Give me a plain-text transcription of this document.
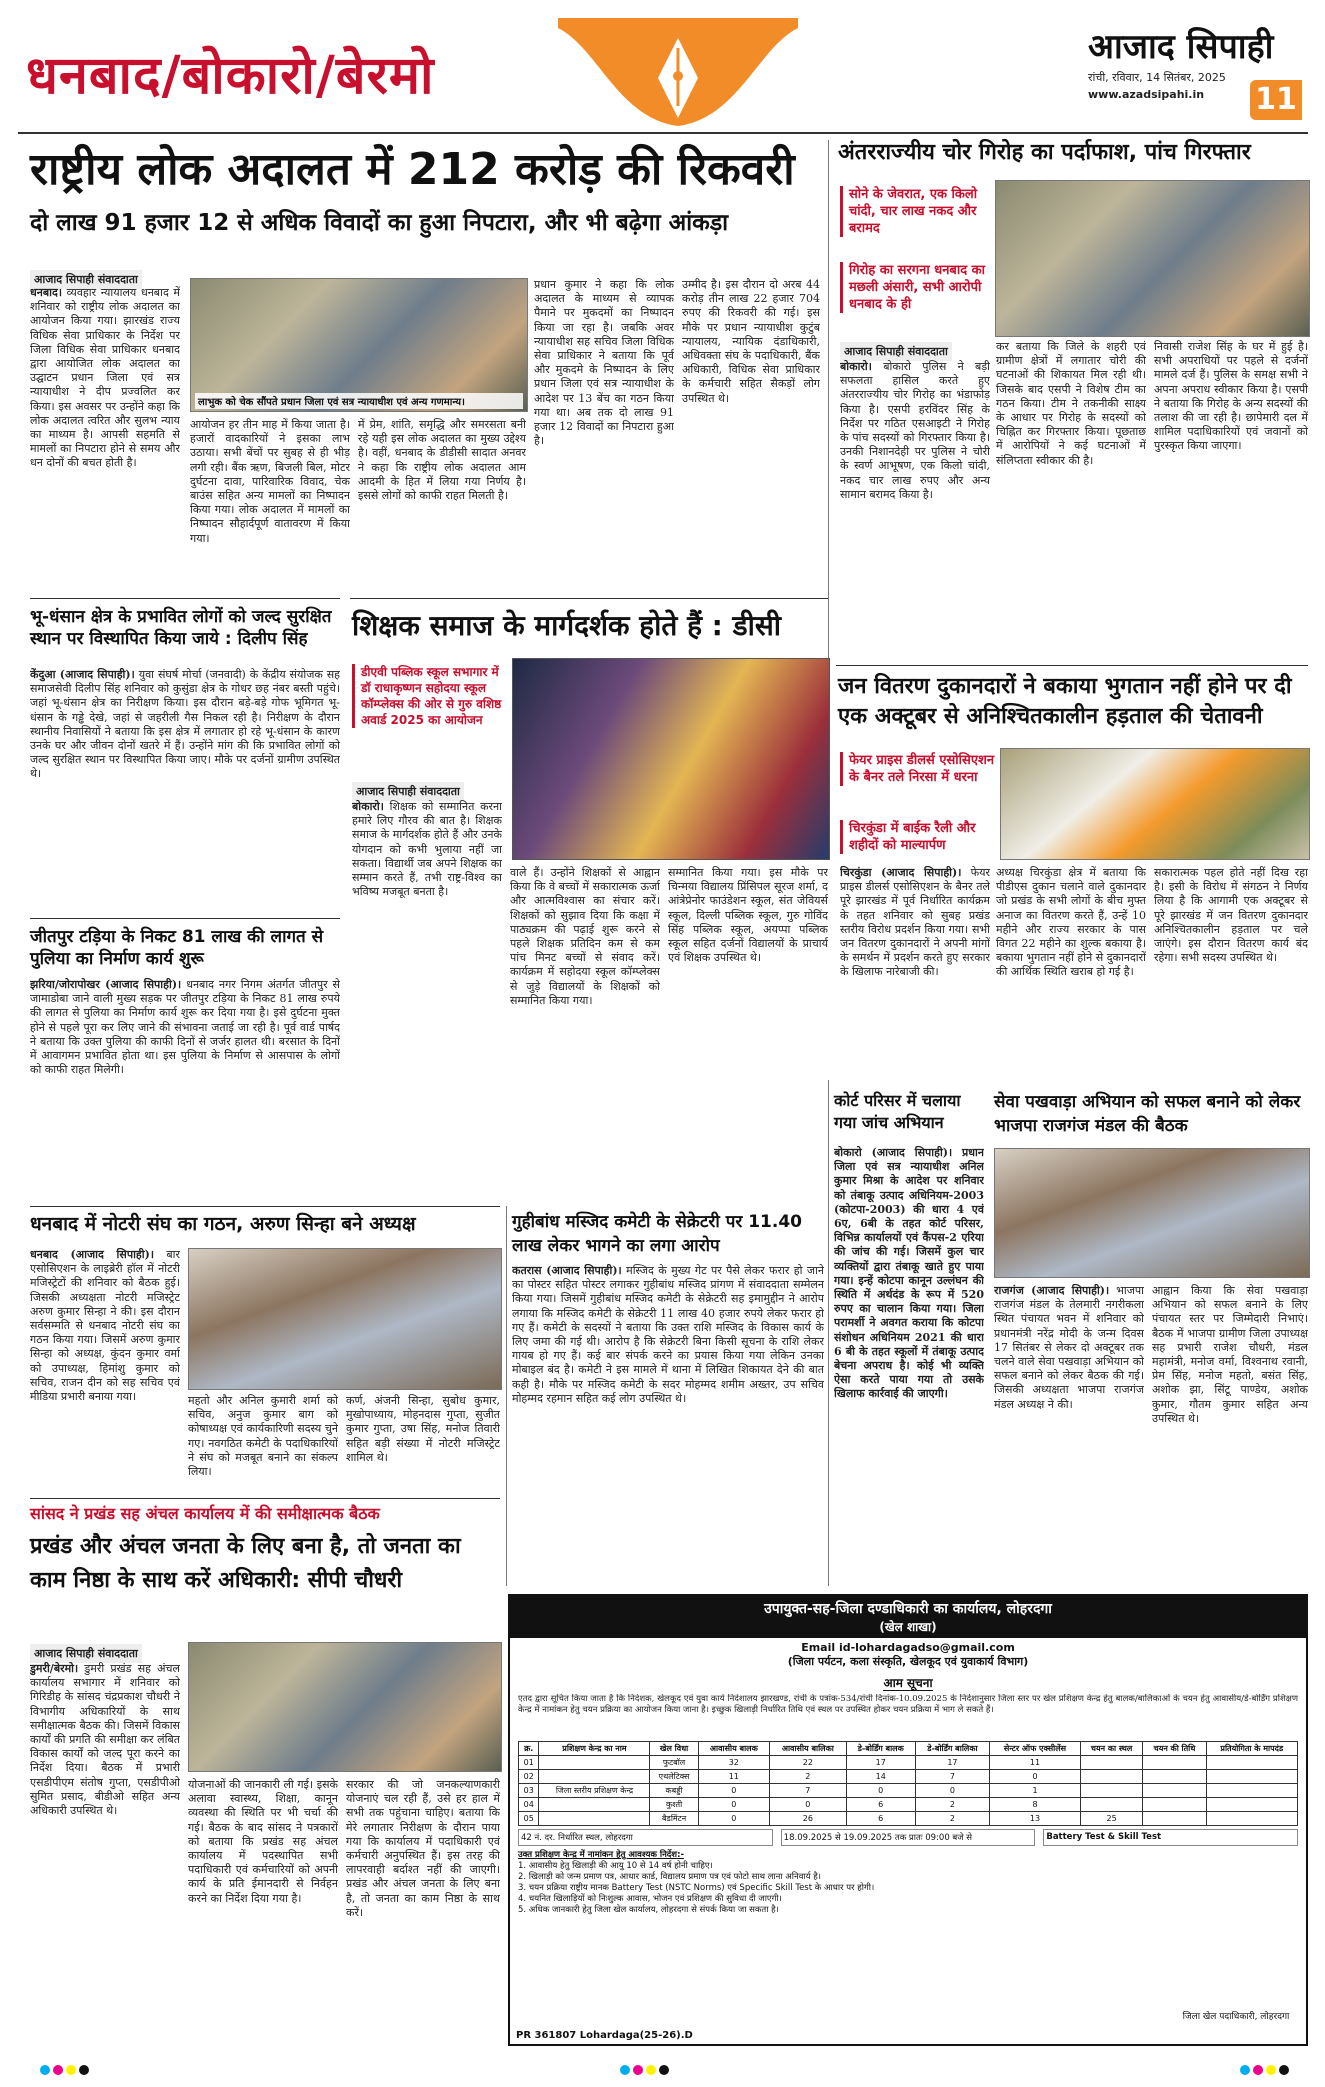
धनबाद/बोकारो/बेरमो	आजाद सिपाही
रांची, रविवार, 14 सितंबर, 2025
www.azadsipahi.in 11
राष्ट्रीय लोक अदालत में 212 करोड़ की रिकवरी
दो लाख 91 हजार 12 से अधिक विवादों का हुआ निपटारा, और भी बढ़ेगा आंकड़ा
आजाद सिपाही संवाददाता
धनबाद। व्यवहार न्यायालय धनबाद में शनिवार को राष्ट्रीय लोक अदालत का आयोजन किया गया। झारखंड राज्य विधिक सेवा प्राधिकार के निर्देश पर जिला विधिक सेवा प्राधिकार धनबाद द्वारा आयोजित लोक अदालत का उद्घाटन प्रधान जिला एवं सत्र न्यायाधीश ने दीप प्रज्वलित कर किया। इस अवसर पर उन्होंने कहा कि लोक अदालत त्वरित और सुलभ न्याय का माध्यम है। आपसी सहमति से मामलों का निपटारा होने से समय और धन दोनों की बचत होती है।
लाभुक को चेक सौंपते प्रधान जिला एवं सत्र न्यायाधीश एवं अन्य गणमान्य।
आयोजन हर तीन माह में किया जाता है। हजारों वादकारियों ने इसका लाभ उठाया। सभी बेंचों पर सुबह से ही भीड़ लगी रही। बैंक ऋण, बिजली बिल, मोटर दुर्घटना दावा, पारिवारिक विवाद, चेक बाउंस सहित अन्य मामलों का निष्पादन किया गया। लोक अदालत में मामलों का निष्पादन सौहार्दपूर्ण वातावरण में किया गया।
में प्रेम, शांति, समृद्धि और समरसता बनी रहे यही इस लोक अदालत का मुख्य उद्देश्य है। वहीं, धनबाद के डीडीसी सादात अनवर ने कहा कि राष्ट्रीय लोक अदालत आम आदमी के हित में लिया गया निर्णय है। इससे लोगों को काफी राहत मिलती है।
प्रधान कुमार ने कहा कि लोक अदालत के माध्यम से व्यापक पैमाने पर मुकदमों का निष्पादन किया जा रहा है। जबकि अवर न्यायाधीश सह सचिव जिला विधिक सेवा प्राधिकार ने बताया कि पूर्व और मुकदमे के निष्पादन के लिए प्रधान जिला एवं सत्र न्यायाधीश के आदेश पर 13 बेंच का गठन किया गया था। अब तक दो लाख 91 हजार 12 विवादों का निपटारा हुआ है।
उम्मीद है। इस दौरान दो अरब 44 करोड़ तीन लाख 22 हजार 704 रुपए की रिकवरी की गई। इस मौके पर प्रधान न्यायाधीश कुटुंब न्यायालय, न्यायिक दंडाधिकारी, अधिवक्ता संघ के पदाधिकारी, बैंक अधिकारी, विधिक सेवा प्राधिकार के कर्मचारी सहित सैकड़ों लोग उपस्थित थे।
अंतरराज्यीय चोर गिरोह का पर्दाफाश, पांच गिरफ्तार
सोने के जेवरात, एक किलो चांदी, चार लाख नकद और बरामद
गिरोह का सरगना धनबाद का मछली अंसारी, सभी आरोपी धनबाद के ही
आजाद सिपाही संवाददाता
बोकारो। बोकारो पुलिस ने बड़ी सफलता हासिल करते हुए अंतरराज्यीय चोर गिरोह का भंडाफोड़ किया है। एसपी हरविंदर सिंह के निर्देश पर गठित एसआइटी ने गिरोह के पांच सदस्यों को गिरफ्तार किया है। उनकी निशानदेही पर पुलिस ने चोरी के स्वर्ण आभूषण, एक किलो चांदी, नकद चार लाख रुपए और अन्य सामान बरामद किया है।
कर बताया कि जिले के शहरी एवं ग्रामीण क्षेत्रों में लगातार चोरी की घटनाओं की शिकायत मिल रही थी। जिसके बाद एसपी ने विशेष टीम का गठन किया। टीम ने तकनीकी साक्ष्य के आधार पर गिरोह के सदस्यों को चिह्नित कर गिरफ्तार किया। पूछताछ में आरोपियों ने कई घटनाओं में संलिप्तता स्वीकार की है।
निवासी राजेश सिंह के घर में हुई है। सभी अपराधियों पर पहले से दर्जनों मामले दर्ज हैं। पुलिस के समक्ष सभी ने अपना अपराध स्वीकार किया है। एसपी ने बताया कि गिरोह के अन्य सदस्यों की तलाश की जा रही है। छापेमारी दल में शामिल पदाधिकारियों एवं जवानों को पुरस्कृत किया जाएगा।
भू-धंसान क्षेत्र के प्रभावित लोगों को जल्द सुरक्षित स्थान पर विस्थापित किया जाये : दिलीप सिंह
केंदुआ (आजाद सिपाही)। युवा संघर्ष मोर्चा (जनवादी) के केंद्रीय संयोजक सह समाजसेवी दिलीप सिंह शनिवार को कुसुंडा क्षेत्र के गोधर छह नंबर बस्ती पहुंचे। जहां भू-धंसान क्षेत्र का निरीक्षण किया। इस दौरान बड़े-बड़े गोफ भूमिगत भू-धंसान के गड्ढे देखे, जहां से जहरीली गैस निकल रही है। निरीक्षण के दौरान स्थानीय निवासियों ने बताया कि इस क्षेत्र में लगातार हो रहे भू-धंसान के कारण उनके घर और जीवन दोनों खतरे में हैं। उन्होंने मांग की कि प्रभावित लोगों को जल्द सुरक्षित स्थान पर विस्थापित किया जाए। मौके पर दर्जनों ग्रामीण उपस्थित थे।
जीतपुर टड़िया के निकट 81 लाख की लागत से पुलिया का निर्माण कार्य शुरू
झरिया/जोरापोखर (आजाद सिपाही)। धनबाद नगर निगम अंतर्गत जीतपुर से जामाडोबा जाने वाली मुख्य सड़क पर जीतपुर टड़िया के निकट 81 लाख रुपये की लागत से पुलिया का निर्माण कार्य शुरू कर दिया गया है। इसे दुर्घटना मुक्त होने से पहले पूरा कर लिए जाने की संभावना जताई जा रही है। पूर्व वार्ड पार्षद ने बताया कि उक्त पुलिया की काफी दिनों से जर्जर हालत थी। बरसात के दिनों में आवागमन प्रभावित होता था। इस पुलिया के निर्माण से आसपास के लोगों को काफी राहत मिलेगी।
शिक्षक समाज के मार्गदर्शक होते हैं : डीसी
डीएवी पब्लिक स्कूल सभागार में डॉ राधाकृष्णन सहोदया स्कूल कॉम्प्लेक्स की ओर से गुरु वशिष्ठ अवार्ड 2025 का आयोजन
आजाद सिपाही संवाददाता
बोकारो। शिक्षक को सम्मानित करना हमारे लिए गौरव की बात है। शिक्षक समाज के मार्गदर्शक होते हैं और उनके योगदान को कभी भुलाया नहीं जा सकता। विद्यार्थी जब अपने शिक्षक का सम्मान करते हैं, तभी राष्ट्र-विश्व का भविष्य मजबूत बनता है।
वाले हैं। उन्होंने शिक्षकों से आह्वान किया कि वे बच्चों में सकारात्मक ऊर्जा और आत्मविश्वास का संचार करें। शिक्षकों को सुझाव दिया कि कक्षा में पाठ्यक्रम की पढ़ाई शुरू करने से पहले शिक्षक प्रतिदिन कम से कम पांच मिनट बच्चों से संवाद करें। कार्यक्रम में सहोदया स्कूल कॉम्प्लेक्स से जुड़े विद्यालयों के शिक्षकों को सम्मानित किया गया।
सम्मानित किया गया। इस मौके पर चिन्मया विद्यालय प्रिंसिपल सूरज शर्मा, द आंत्रेप्रेनोर फाउंडेशन स्कूल, संत जेवियर्स स्कूल, दिल्ली पब्लिक स्कूल, गुरु गोविंद सिंह पब्लिक स्कूल, अयप्पा पब्लिक स्कूल सहित दर्जनों विद्यालयों के प्राचार्य एवं शिक्षक उपस्थित थे।
जन वितरण दुकानदारों ने बकाया भुगतान नहीं होने पर दी एक अक्टूबर से अनिश्चितकालीन हड़ताल की चेतावनी
फेयर प्राइस डीलर्स एसोसिएशन के बैनर तले निरसा में धरना
चिरकुंडा में बाईक रैली और शहीदों को माल्यार्पण
चिरकुंडा (आजाद सिपाही)। फेयर प्राइस डीलर्स एसोसिएशन के बैनर तले पूरे झारखंड में पूर्व निर्धारित कार्यक्रम के तहत शनिवार को सुबह प्रखंड स्तरीय विरोध प्रदर्शन किया गया। सभी जन वितरण दुकानदारों ने अपनी मांगों के समर्थन में प्रदर्शन करते हुए सरकार के खिलाफ नारेबाजी की।
अध्यक्ष चिरकुंडा क्षेत्र में बताया कि पीडीएस दुकान चलाने वाले दुकानदार जो प्रखंड के सभी लोगों के बीच मुफ्त अनाज का वितरण करते हैं, उन्हें 10 महीने और राज्य सरकार के पास विगत 22 महीने का शुल्क बकाया है। बकाया भुगतान नहीं होने से दुकानदारों की आर्थिक स्थिति खराब हो गई है।
सकारात्मक पहल होते नहीं दिख रहा है। इसी के विरोध में संगठन ने निर्णय लिया है कि आगामी एक अक्टूबर से पूरे झारखंड में जन वितरण दुकानदार अनिश्चितकालीन हड़ताल पर चले जाएंगे। इस दौरान वितरण कार्य बंद रहेगा। सभी सदस्य उपस्थित थे।
धनबाद में नोटरी संघ का गठन, अरुण सिन्हा बने अध्यक्ष
धनबाद (आजाद सिपाही)। बार एसोसिएशन के लाइब्रेरी हॉल में नोटरी मजिस्ट्रेटों की शनिवार को बैठक हुई। जिसकी अध्यक्षता नोटरी मजिस्ट्रेट अरुण कुमार सिन्हा ने की। इस दौरान सर्वसम्मति से धनबाद नोटरी संघ का गठन किया गया। जिसमें अरुण कुमार सिन्हा को अध्यक्ष, कुंदन कुमार वर्मा को उपाध्यक्ष, हिमांशु कुमार को सचिव, राजन दीन को सह सचिव एवं मीडिया प्रभारी बनाया गया।	महतो और अनिल कुमारी शर्मा को सचिव, अनुज कुमार बाग को कोषाध्यक्ष एवं कार्यकारिणी सदस्य चुने गए। नवगठित कमेटी के पदाधिकारियों ने संघ को मजबूत बनाने का संकल्प लिया।
कर्ण, अंजनी सिन्हा, सुबोध कुमार, मुखोपाध्याय, मोहनदास गुप्ता, सुजीत कुमार गुप्ता, उषा सिंह, मनोज तिवारी सहित बड़ी संख्या में नोटरी मजिस्ट्रेट शामिल थे।
गुहीबांध मस्जिद कमेटी के सेक्रेटरी पर 11.40 लाख लेकर भागने का लगा आरोप
कतरास (आजाद सिपाही)। मस्जिद के मुख्य गेट पर पैसे लेकर फरार हो जाने का पोस्टर सहित पोस्टर लगाकर गुहीबांध मस्जिद प्रांगण में संवाददाता सम्मेलन किया गया। जिसमें गुहीबांध मस्जिद कमेटी के सेक्रेटरी सह इमामुद्दीन ने आरोप लगाया कि मस्जिद कमेटी के सेक्रेटरी 11 लाख 40 हजार रुपये लेकर फरार हो गए हैं। कमेटी के सदस्यों ने बताया कि उक्त राशि मस्जिद के विकास कार्य के लिए जमा की गई थी। आरोप है कि सेक्रेटरी बिना किसी सूचना के राशि लेकर गायब हो गए हैं। कई बार संपर्क करने का प्रयास किया गया लेकिन उनका मोबाइल बंद है। कमेटी ने इस मामले में थाना में लिखित शिकायत देने की बात कही है। मौके पर मस्जिद कमेटी के सदर मोहम्मद शमीम अख्तर, उप सचिव मोहम्मद रहमान सहित कई लोग उपस्थित थे।
कोर्ट परिसर में चलाया गया जांच अभियान
बोकारो (आजाद सिपाही)। प्रधान जिला एवं सत्र न्यायाधीश अनिल कुमार मिश्रा के आदेश पर शनिवार को तंबाकू उत्पाद अधिनियम-2003 (कोटपा-2003) की धारा 4 एवं 6ए, 6बी के तहत कोर्ट परिसर, विभिन्न कार्यालयों एवं कैंपस-2 एरिया की जांच की गई। जिसमें कुल चार व्यक्तियों द्वारा तंबाकू खाते हुए पाया गया। इन्हें कोटपा कानून उल्लंघन की स्थिति में अर्थदंड के रूप में 520 रुपए का चालान किया गया। जिला परामर्शी ने अवगत कराया कि कोटपा संशोधन अधिनियम 2021 की धारा 6 बी के तहत स्कूलों में तंबाकू उत्पाद बेचना अपराध है। कोई भी व्यक्ति ऐसा करते पाया गया तो उसके खिलाफ कार्रवाई की जाएगी।
सेवा पखवाड़ा अभियान को सफल बनाने को लेकर भाजपा राजगंज मंडल की बैठक
राजगंज (आजाद सिपाही)। भाजपा राजगंज मंडल के तेलमारी नगरीकला स्थित पंचायत भवन में शनिवार को प्रधानमंत्री नरेंद्र मोदी के जन्म दिवस 17 सितंबर से लेकर दो अक्टूबर तक चलने वाले सेवा पखवाड़ा अभियान को सफल बनाने को लेकर बैठक की गई। जिसकी अध्यक्षता भाजपा राजगंज मंडल अध्यक्ष ने की।
आह्वान किया कि सेवा पखवाड़ा अभियान को सफल बनाने के लिए पंचायत स्तर पर जिम्मेदारी निभाएं। बैठक में भाजपा ग्रामीण जिला उपाध्यक्ष सह प्रभारी राजेश चौधरी, मंडल महामंत्री, मनोज वर्मा, विश्वनाथ रवानी, प्रेम सिंह, मनोज महतो, बसंत सिंह, अशोक झा, सिंटू पाण्डेय, अशोक कुमार, गौतम कुमार सहित अन्य उपस्थित थे।
सांसद ने प्रखंड सह अंचल कार्यालय में की समीक्षात्मक बैठक
प्रखंड और अंचल जनता के लिए बना है, तो जनता का काम निष्ठा के साथ करें अधिकारी: सीपी चौधरी
आजाद सिपाही संवाददाता
डुमरी/बेरमो। डुमरी प्रखंड सह अंचल कार्यालय सभागार में शनिवार को गिरिडीह के सांसद चंद्रप्रकाश चौधरी ने विभागीय अधिकारियों के साथ समीक्षात्मक बैठक की। जिसमें विकास कार्यों की प्रगति की समीक्षा कर लंबित विकास कार्यों को जल्द पूरा करने का निर्देश दिया। बैठक में प्रभारी एसडीपीएम संतोष गुप्ता, एसडीपीओ सुमित प्रसाद, बीडीओ सहित अन्य अधिकारी उपस्थित थे।
योजनाओं की जानकारी ली गई। इसके अलावा स्वास्थ्य, शिक्षा, कानून व्यवस्था की स्थिति पर भी चर्चा की गई। बैठक के बाद सांसद ने पत्रकारों को बताया कि प्रखंड सह अंचल कार्यालय में पदस्थापित सभी पदाधिकारी एवं कर्मचारियों को अपनी कार्य के प्रति ईमानदारी से निर्वहन करने का निर्देश दिया गया है।
सरकार की जो जनकल्याणकारी योजनाएं चल रही हैं, उसे हर हाल में सभी तक पहुंचाना चाहिए। बताया कि मेरे लगातार निरीक्षण के दौरान पाया गया कि कार्यालय में पदाधिकारी एवं कर्मचारी अनुपस्थित हैं। इस तरह की लापरवाही बर्दाश्त नहीं की जाएगी। प्रखंड और अंचल जनता के लिए बना है, तो जनता का काम निष्ठा के साथ करें।
उपायुक्त-सह-जिला दण्डाधिकारी का कार्यालय, लोहरदगा
(खेल शाखा)
Email id-lohardagadso@gmail.com
(जिला पर्यटन, कला संस्कृति, खेलकूद एवं युवाकार्य विभाग)
आम सूचना
एतद द्वारा सूचित किया जाता है कि निदेशक, खेलकूद एवं युवा कार्य निदेशालय झारखण्ड, रांची के पत्रांक-534/रांची दिनांक-10.09.2025 के निर्देशानुसार जिला स्तर पर खेल प्रशिक्षण केन्द्र हेतु बालक/बालिकाओं के चयन हेतु आवासीय/डे-बोर्डिंग प्रशिक्षण केन्द्र में नामांकन हेतु चयन प्रक्रिया का आयोजन किया जाना है। इच्छुक खिलाड़ी निर्धारित तिथि एवं स्थल पर उपस्थित होकर चयन प्रक्रिया में भाग ले सकते हैं।
क्र.	प्रशिक्षण केन्द्र का नाम	खेल विधा	आवासीय बालक	आवासीय बालिका	डे-बोर्डिंग बालक	डे-बोर्डिंग बालिका	सेन्टर ऑफ एक्सीलेंस	चयन का स्थल	चयन की तिथि	प्रतियोगिता के मापदंड
01		फुटबॉल	32	22	17	17	11			
02		एथलेटिक्स	11	2	14	7	0			
03	जिला स्तरीय प्रशिक्षण केन्द्र	कबड्डी	0	7	0	0	1			
04		कुश्ती	0	0	6	2	8			
05		बैडमिंटन	0	26	6	2	13	25		
42 नं. दर. निर्धारित स्थल, लोहरदगा	18.09.2025 से 19.09.2025 तक प्रातः 09:00 बजे से	Battery Test & Skill Test
उक्त प्रशिक्षण केन्द्र में नामांकन हेतु आवश्यक निर्देश:-
1. आवासीय हेतु खिलाड़ी की आयु 10 से 14 वर्ष होनी चाहिए।
2. खिलाड़ी को जन्म प्रमाण पत्र, आधार कार्ड, विद्यालय प्रमाण पत्र एवं फोटो साथ लाना अनिवार्य है।
3. चयन प्रक्रिया राष्ट्रीय मानक Battery Test (NSTC Norms) एवं Specific Skill Test के आधार पर होगी।
4. चयनित खिलाड़ियों को निःशुल्क आवास, भोजन एवं प्रशिक्षण की सुविधा दी जाएगी।
5. अधिक जानकारी हेतु जिला खेल कार्यालय, लोहरदगा से संपर्क किया जा सकता है।
जिला खेल पदाधिकारी, लोहरदगा
PR 361807 Lohardaga(25-26).D
